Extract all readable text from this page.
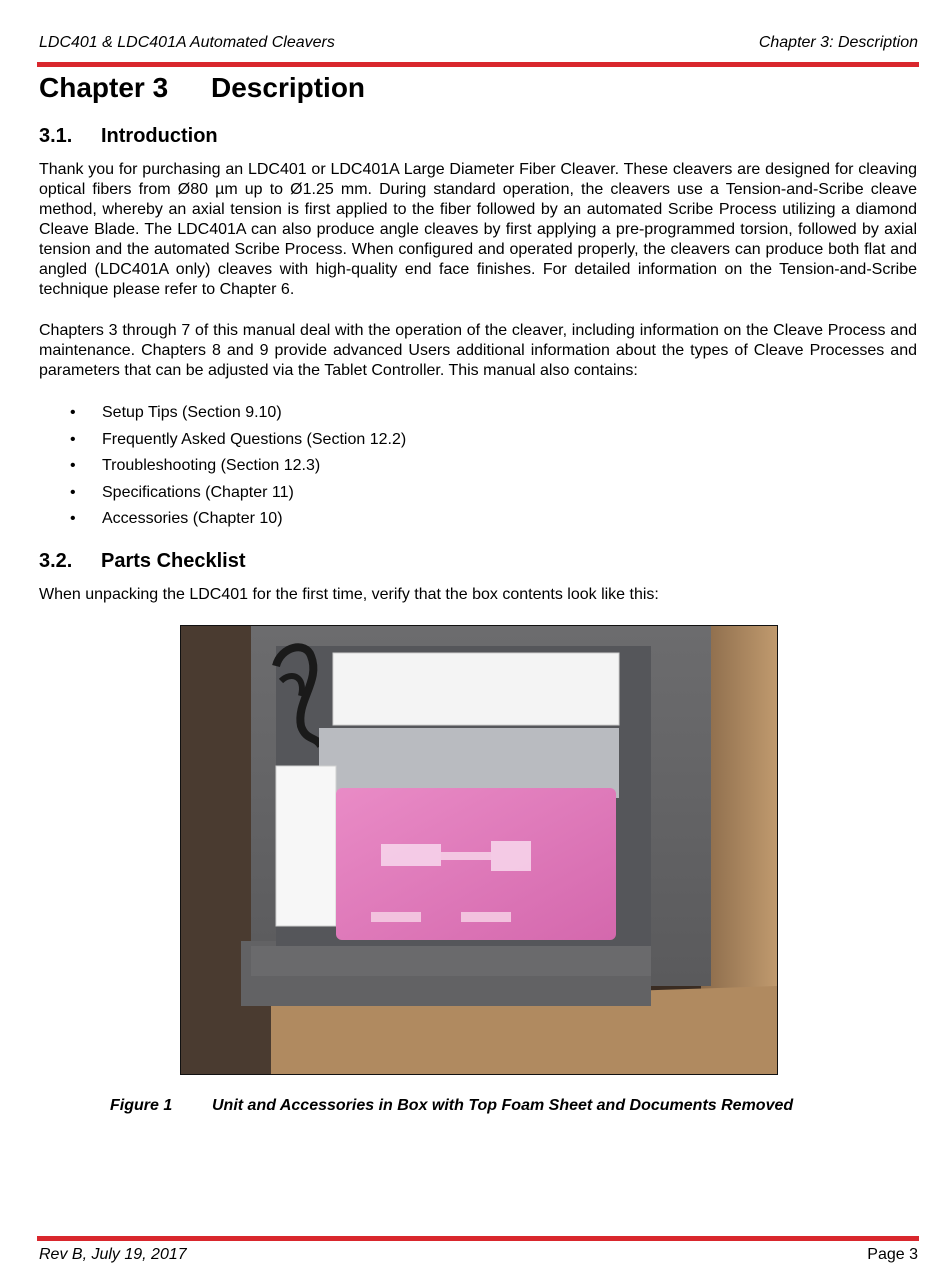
LDC401 & LDC401A Automated Cleavers	Chapter 3: Description
Chapter 3 Description
3.1. Introduction

Thank you for purchasing an LDC401 or LDC401A Large Diameter Fiber Cleaver. These cleavers are designed for cleaving optical fibers from Ø80 µm up to Ø1.25 mm. During standard operation, the cleavers use a Tension-and-Scribe cleave method, whereby an axial tension is first applied to the fiber followed by an automated Scribe Process utilizing a diamond Cleave Blade. The LDC401A can also produce angle cleaves by first applying a pre-programmed torsion, followed by axial tension and the automated Scribe Process. When configured and operated properly, the cleavers can produce both flat and angled (LDC401A only) cleaves with high-quality end face finishes. For detailed information on the Tension-and-Scribe technique please refer to Chapter 6.

Chapters 3 through 7 of this manual deal with the operation of the cleaver, including information on the Cleave Process and maintenance. Chapters 8 and 9 provide advanced Users additional information about the types of Cleave Processes and parameters that can be adjusted via the Tablet Controller. This manual also contains:

• Setup Tips (Section 9.10)
• Frequently Asked Questions (Section 12.2)
• Troubleshooting (Section 12.3)
• Specifications (Chapter 11)
• Accessories (Chapter 10)
3.2. Parts Checklist

When unpacking the LDC401 for the first time, verify that the box contents look like this:

Figure 1 Unit and Accessories in Box with Top Foam Sheet and Documents Removed
Rev B, July 19, 2017	Page 3
